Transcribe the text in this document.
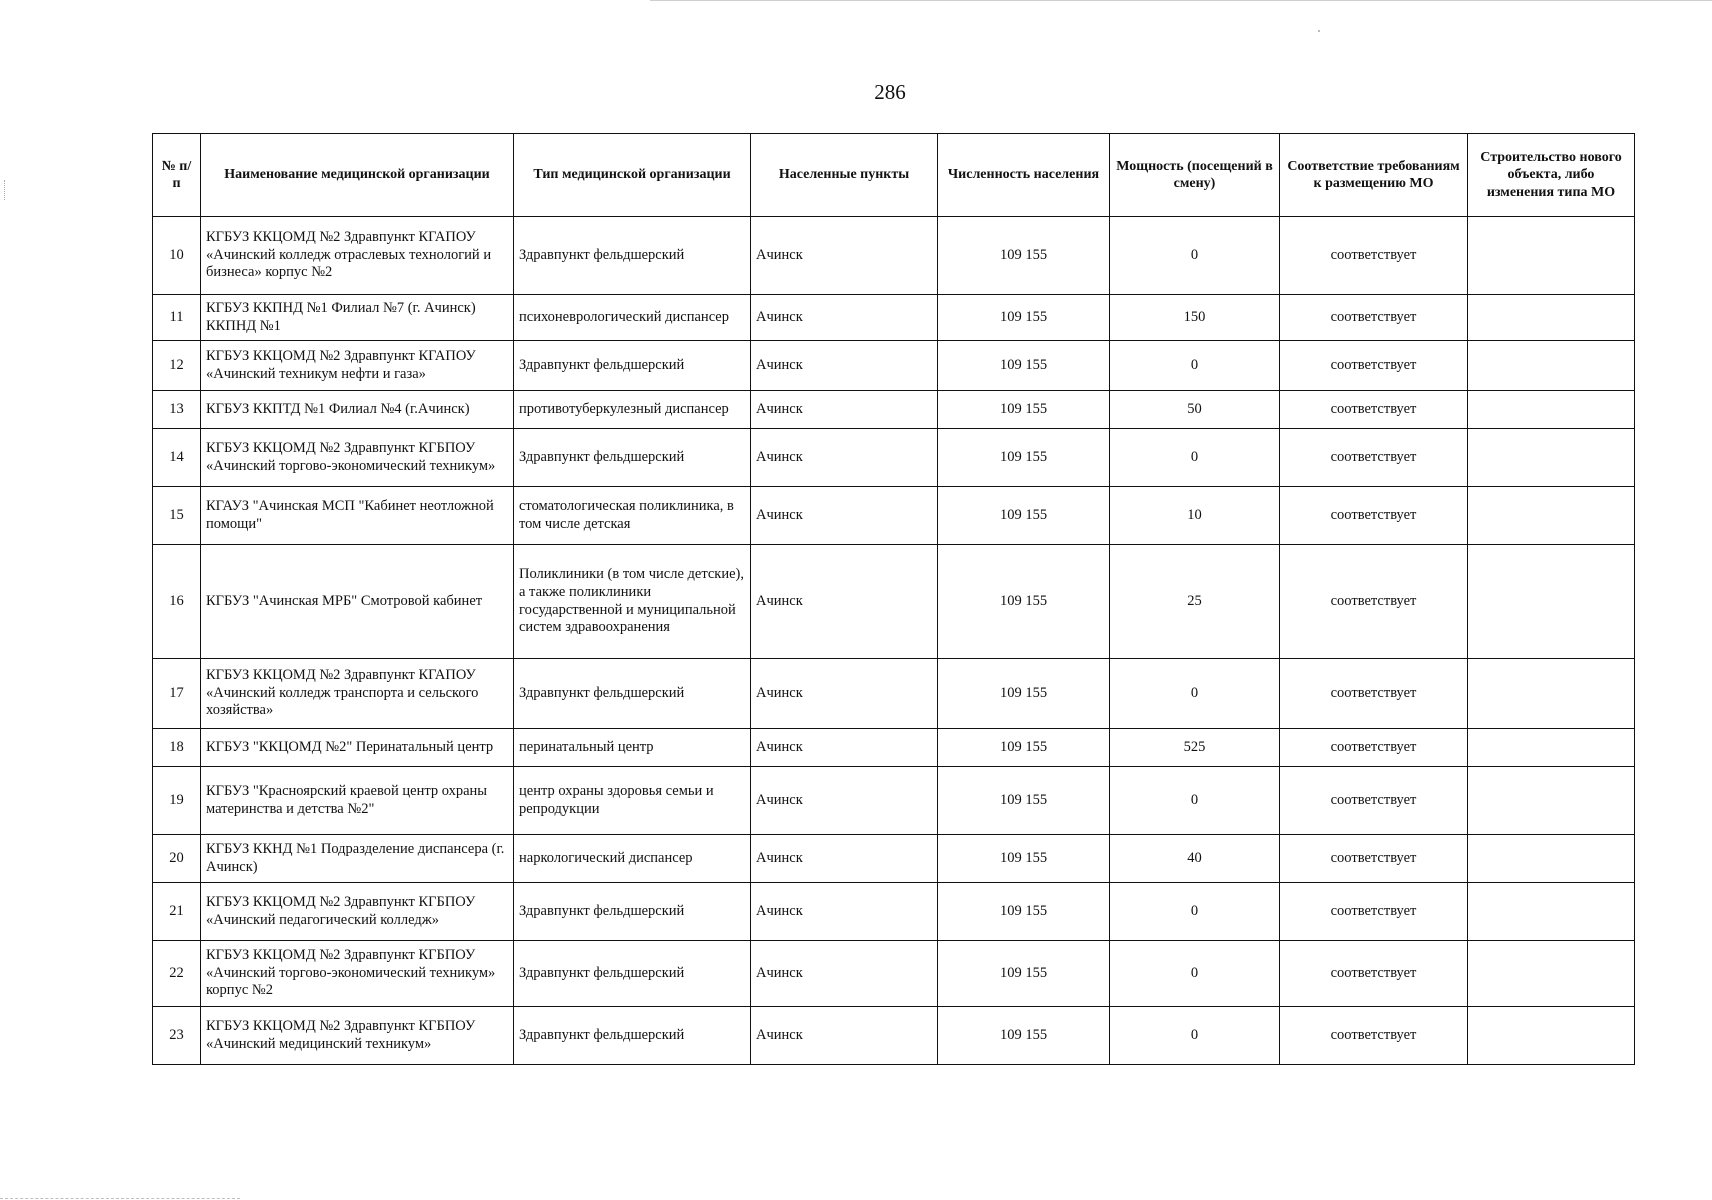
286
№ п/п	Наименование медицинской организации	Тип медицинской организации	Населенные пункты	Численность населения	Мощность (посещений в смену)	Соответствие требованиям к размещению МО	Строительство нового объекта, либо изменения типа МО
10	КГБУЗ ККЦОМД №2 Здравпункт КГАПОУ «Ачинский колледж отраслевых технологий и бизнеса» корпус №2	Здравпункт фельдшерский	Ачинск	109 155	0	соответствует	
11	КГБУЗ ККПНД №1 Филиал №7 (г. Ачинск) ККПНД №1	психоневрологический диспансер	Ачинск	109 155	150	соответствует	
12	КГБУЗ ККЦОМД №2 Здравпункт КГАПОУ «Ачинский техникум нефти и газа»	Здравпункт фельдшерский	Ачинск	109 155	0	соответствует	
13	КГБУЗ ККПТД №1 Филиал №4 (г.Ачинск)	противотуберкулезный диспансер	Ачинск	109 155	50	соответствует	
14	КГБУЗ ККЦОМД №2 Здравпункт КГБПОУ «Ачинский торгово-экономический техникум»	Здравпункт фельдшерский	Ачинск	109 155	0	соответствует	
15	КГАУЗ "Ачинская МСП "Кабинет неотложной помощи"	стоматологическая поликлиника, в том числе детская	Ачинск	109 155	10	соответствует	
16	КГБУЗ "Ачинская МРБ" Смотровой кабинет	Поликлиники (в том числе детские), а также поликлиники государственной и муниципальной систем здравоохранения	Ачинск	109 155	25	соответствует	
17	КГБУЗ ККЦОМД №2 Здравпункт КГАПОУ «Ачинский колледж транспорта и сельского хозяйства»	Здравпункт фельдшерский	Ачинск	109 155	0	соответствует	
18	КГБУЗ "ККЦОМД №2" Перинатальный центр	перинатальный центр	Ачинск	109 155	525	соответствует	
19	КГБУЗ "Красноярский краевой центр охраны материнства и детства №2"	центр охраны здоровья семьи и репродукции	Ачинск	109 155	0	соответствует	
20	КГБУЗ ККНД №1 Подразделение диспансера (г. Ачинск)	наркологический диспансер	Ачинск	109 155	40	соответствует	
21	КГБУЗ ККЦОМД №2 Здравпункт КГБПОУ «Ачинский педагогический колледж»	Здравпункт фельдшерский	Ачинск	109 155	0	соответствует	
22	КГБУЗ ККЦОМД №2 Здравпункт КГБПОУ «Ачинский торгово-экономический техникум» корпус №2	Здравпункт фельдшерский	Ачинск	109 155	0	соответствует	
23	КГБУЗ ККЦОМД №2 Здравпункт КГБПОУ «Ачинский медицинский техникум»	Здравпункт фельдшерский	Ачинск	109 155	0	соответствует	
